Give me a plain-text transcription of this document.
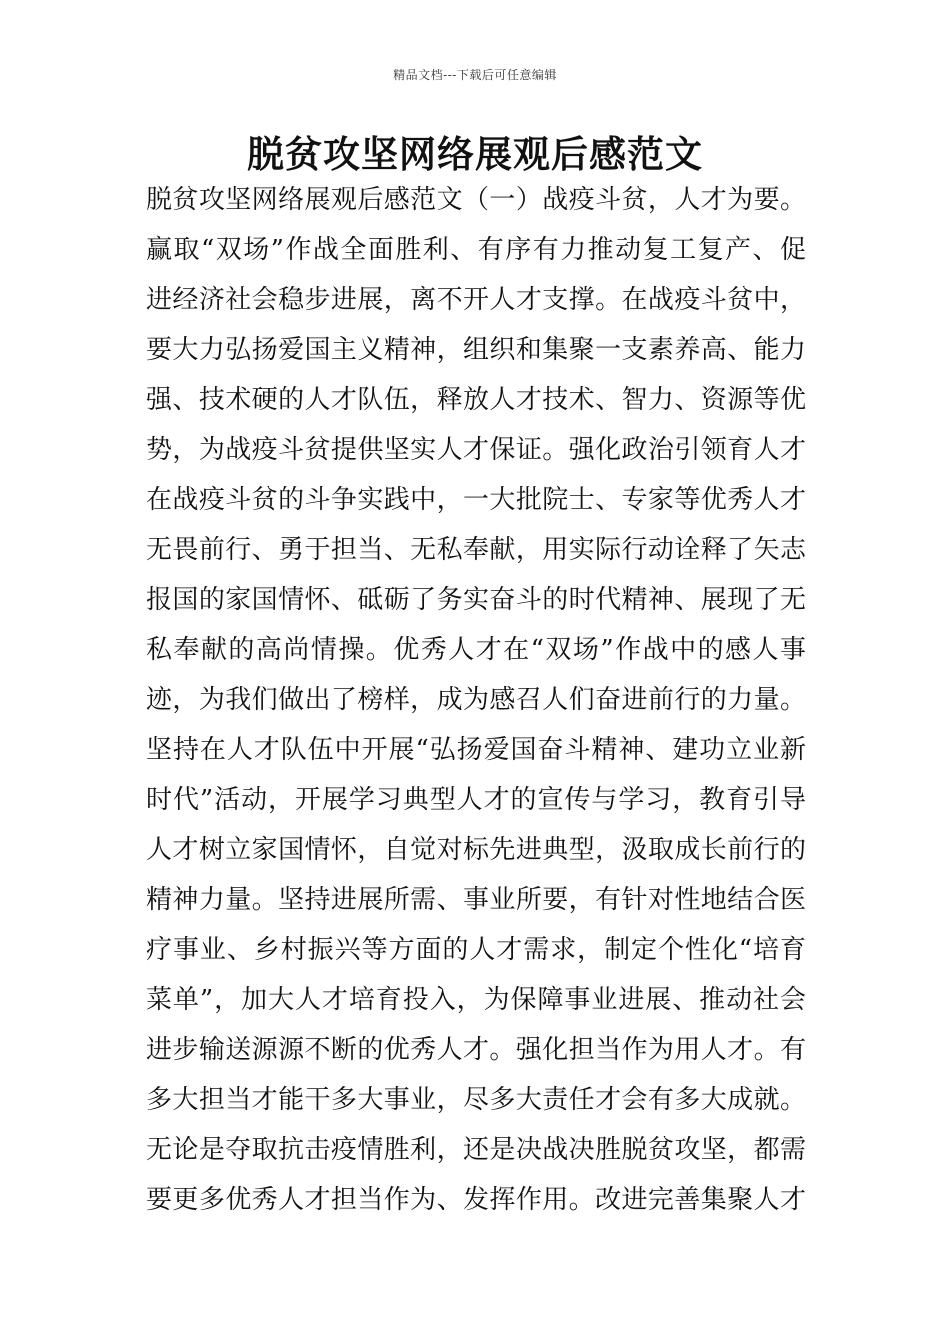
精品文档---下载后可任意编辑
脱贫攻坚网络展观后感范文
脱贫攻坚网络展观后感范文（一）战疫斗贫，人才为要。
赢取“双场”作战全面胜利、有序有力推动复工复产、促
进经济社会稳步进展，离不开人才支撑。在战疫斗贫中，
要大力弘扬爱国主义精神，组织和集聚一支素养高、能力
强、技术硬的人才队伍，释放人才技术、智力、资源等优
势，为战疫斗贫提供坚实人才保证。强化政治引领育人才
在战疫斗贫的斗争实践中，一大批院士、专家等优秀人才
无畏前行、勇于担当、无私奉献，用实际行动诠释了矢志
报国的家国情怀、砥砺了务实奋斗的时代精神、展现了无
私奉献的高尚情操。优秀人才在“双场”作战中的感人事
迹，为我们做出了榜样，成为感召人们奋进前行的力量。
坚持在人才队伍中开展“弘扬爱国奋斗精神、建功立业新
时代”活动，开展学习典型人才的宣传与学习，教育引导
人才树立家国情怀，自觉对标先进典型，汲取成长前行的
精神力量。坚持进展所需、事业所要，有针对性地结合医
疗事业、乡村振兴等方面的人才需求，制定个性化“培育
菜单”，加大人才培育投入，为保障事业进展、推动社会
进步输送源源不断的优秀人才。强化担当作为用人才。有
多大担当才能干多大事业，尽多大责任才会有多大成就。
无论是夺取抗击疫情胜利，还是决战决胜脱贫攻坚，都需
要更多优秀人才担当作为、发挥作用。改进完善集聚人才
